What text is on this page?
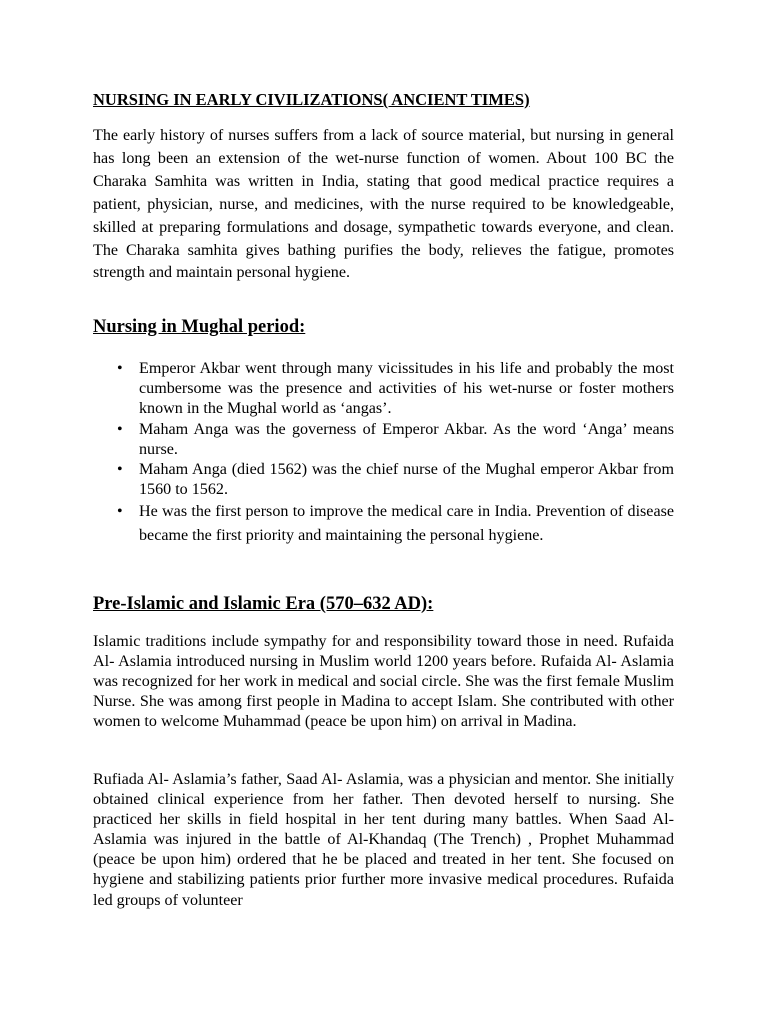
NURSING IN EARLY CIVILIZATIONS( ANCIENT TIMES)

The early history of nurses suffers from a lack of source material, but nursing in general has long been an extension of the wet-nurse function of women. About 100 BC the Charaka Samhita was written in India, stating that good medical practice requires a patient, physician, nurse, and medicines, with the nurse required to be knowledgeable, skilled at preparing formulations and dosage, sympathetic towards everyone, and clean. The Charaka samhita gives bathing purifies the body, relieves the fatigue, promotes strength and maintain personal hygiene.

Nursing in Mughal period:
• Emperor Akbar went through many vicissitudes in his life and probably the most cumbersome was the presence and activities of his wet-nurse or foster mothers known in the Mughal world as ‘angas’.
• Maham Anga was the governess of Emperor Akbar. As the word ‘Anga’ means nurse.
• Maham Anga (died 1562) was the chief nurse of the Mughal emperor Akbar from 1560 to 1562.
• He was the first person to improve the medical care in India. Prevention of disease became the first priority and maintaining the personal hygiene.
Pre-Islamic and Islamic Era (570–632 AD):

Islamic traditions include sympathy for and responsibility toward those in need. Rufaida Al- Aslamia introduced nursing in Muslim world 1200 years before. Rufaida Al- Aslamia was recognized for her work in medical and social circle. She was the first female Muslim Nurse. She was among first people in Madina to accept Islam. She contributed with other women to welcome Muhammad (peace be upon him) on arrival in Madina.

Rufiada Al- Aslamia’s father, Saad Al- Aslamia, was a physician and mentor. She initially obtained clinical experience from her father. Then devoted herself to nursing. She practiced her skills in field hospital in her tent during many battles. When Saad Al-Aslamia was injured in the battle of Al-Khandaq (The Trench) , Prophet Muhammad (peace be upon him) ordered that he be placed and treated in her tent. She focused on hygiene and stabilizing patients prior further more invasive medical procedures. Rufaida led groups of volunteer
